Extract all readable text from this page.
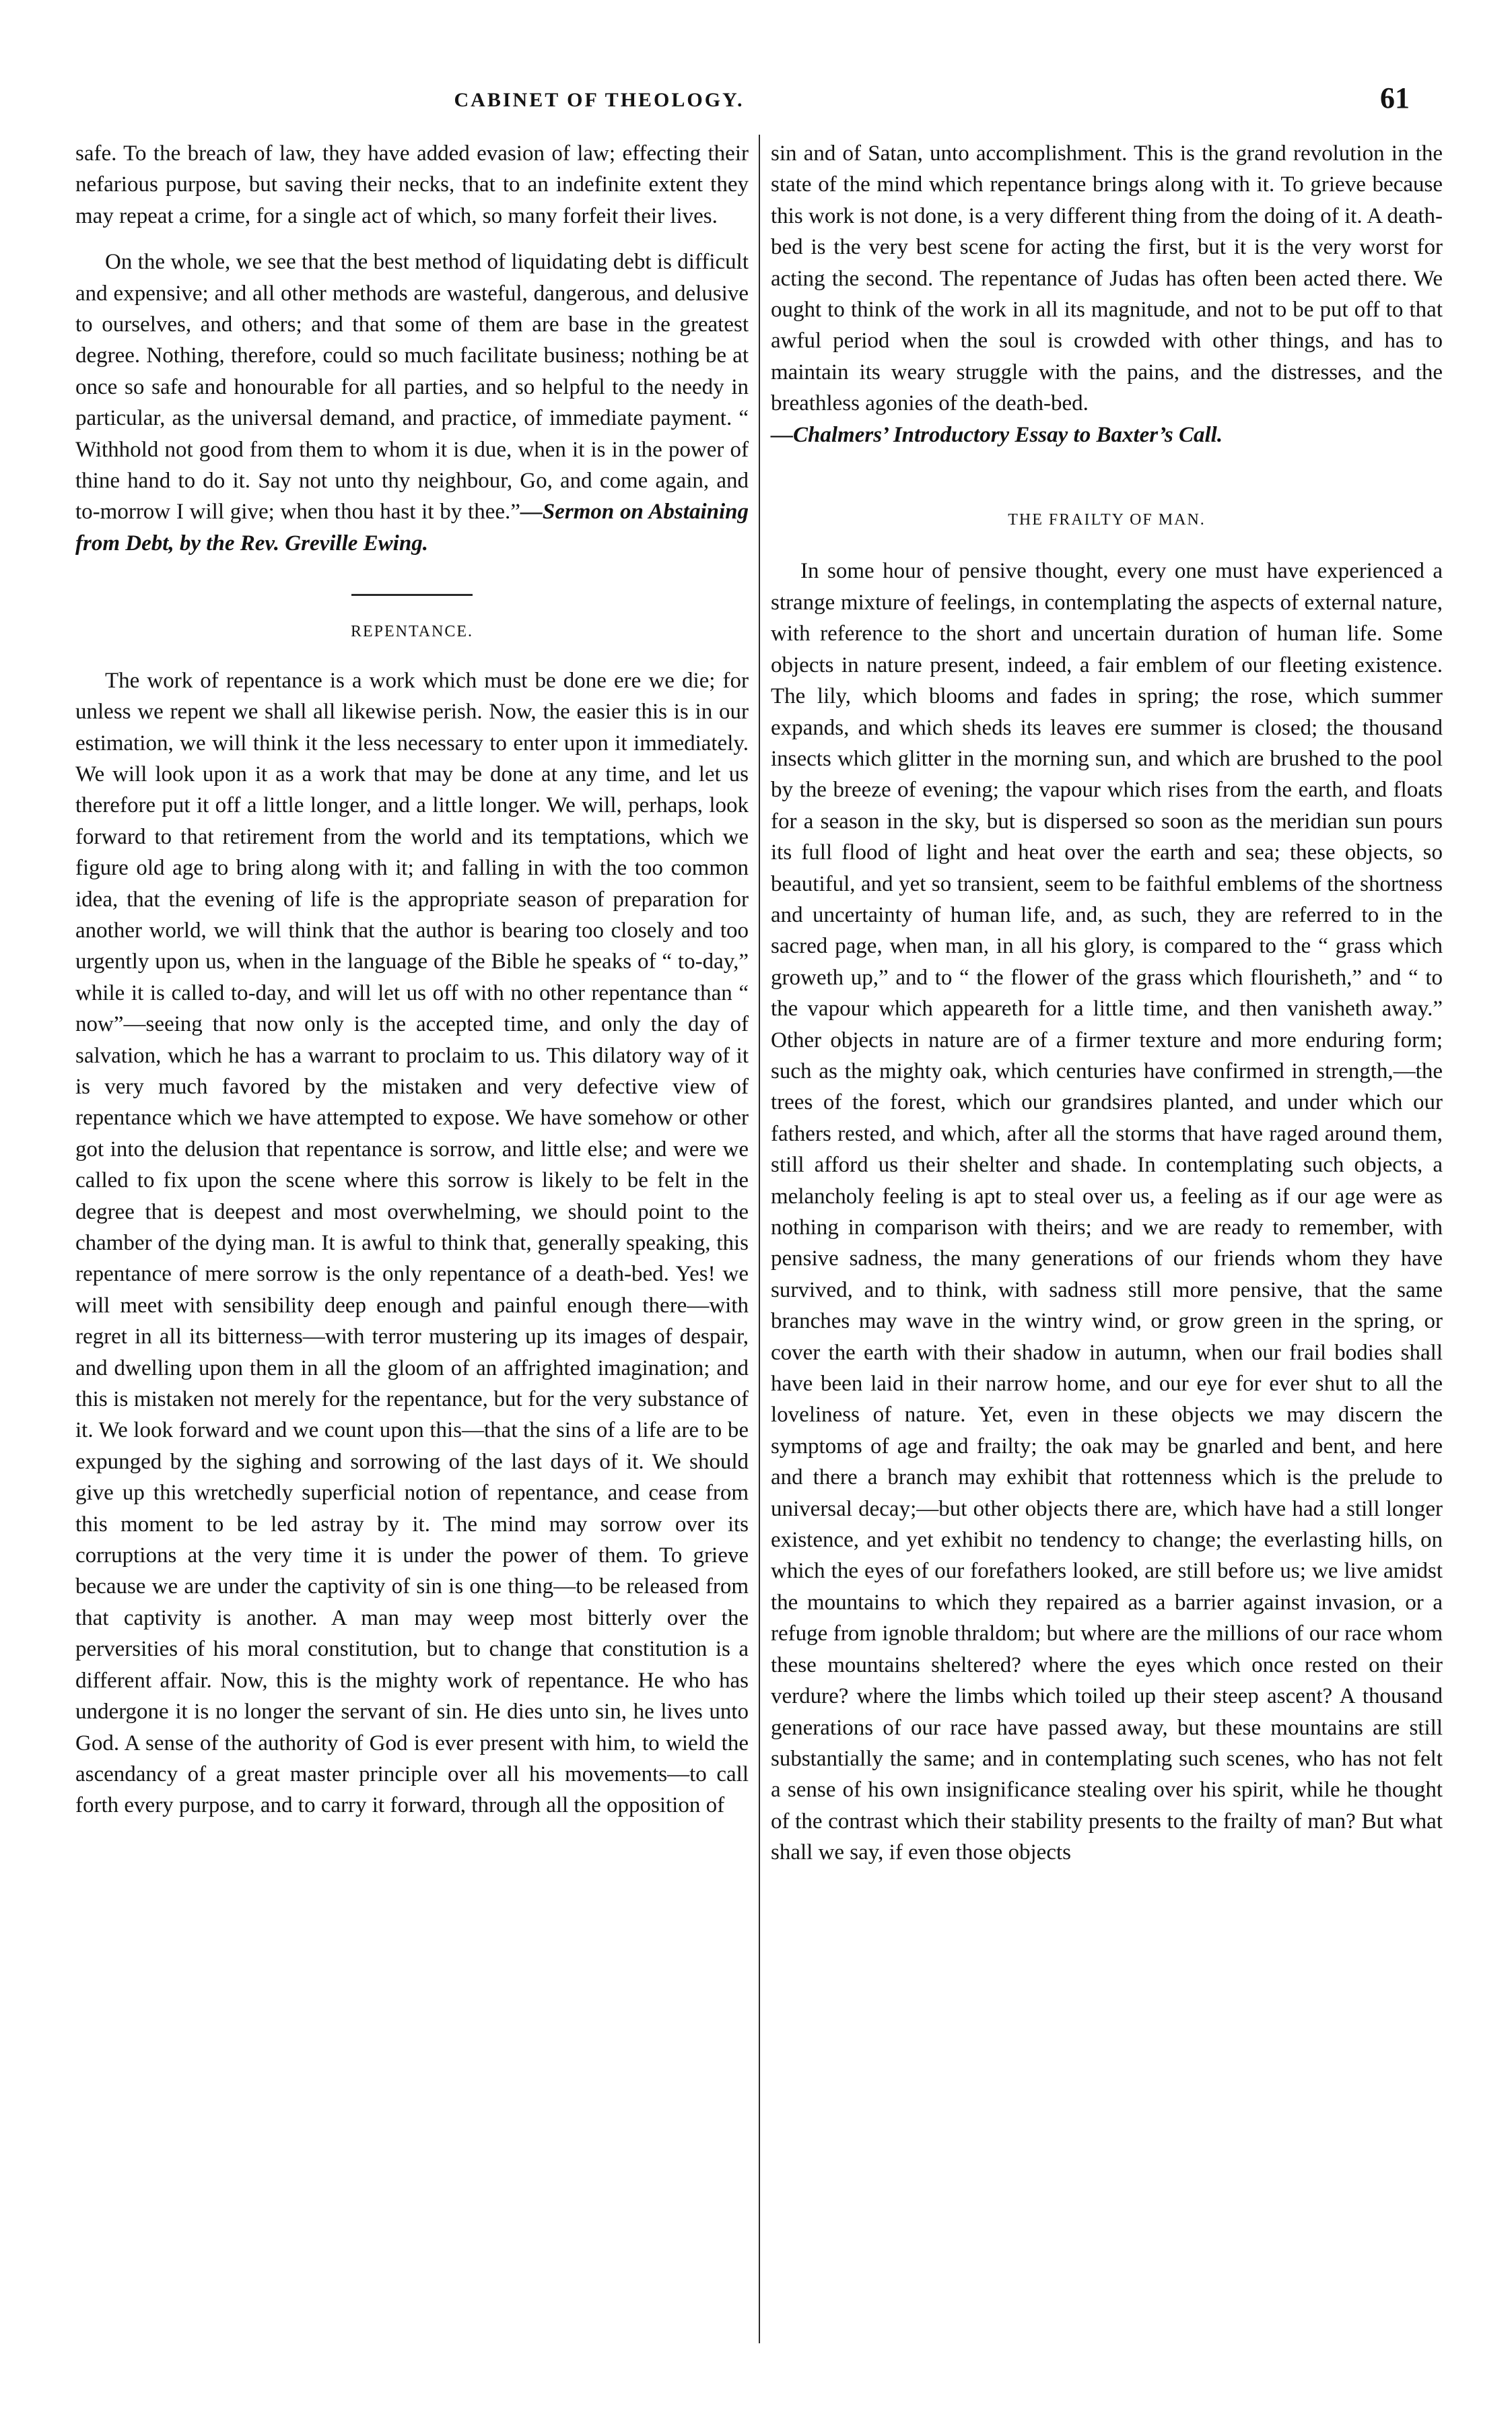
CABINET OF THEOLOGY.	61

safe. To the breach of law, they have added evasion of law; effecting their nefarious purpose, but saving their necks, that to an indefinite extent they may repeat a crime, for a single act of which, so many forfeit their lives.

On the whole, we see that the best method of liquidating debt is difficult and expensive; and all other methods are wasteful, dangerous, and delusive to ourselves, and others; and that some of them are base in the greatest degree. Nothing, therefore, could so much facilitate business; nothing be at once so safe and honourable for all parties, and so helpful to the needy in particular, as the universal demand, and practice, of immediate payment. “ Withhold not good from them to whom it is due, when it is in the power of thine hand to do it. Say not unto thy neighbour, Go, and come again, and to-morrow I will give; when thou hast it by thee.”—Sermon on Abstaining from Debt, by the Rev. Greville Ewing.

REPENTANCE.

The work of repentance is a work which must be done ere we die; for unless we repent we shall all likewise perish. Now, the easier this is in our estimation, we will think it the less necessary to enter upon it immediately. We will look upon it as a work that may be done at any time, and let us therefore put it off a little longer, and a little longer. We will, perhaps, look forward to that retirement from the world and its temptations, which we figure old age to bring along with it; and falling in with the too common idea, that the evening of life is the appropriate season of preparation for another world, we will think that the author is bearing too closely and too urgently upon us, when in the language of the Bible he speaks of “ to-day,” while it is called to-day, and will let us off with no other repentance than “ now”—seeing that now only is the accepted time, and only the day of salvation, which he has a warrant to proclaim to us. This dilatory way of it is very much favored by the mistaken and very defective view of repentance which we have attempted to expose. We have somehow or other got into the delusion that repentance is sorrow, and little else; and were we called to fix upon the scene where this sorrow is likely to be felt in the degree that is deepest and most overwhelming, we should point to the chamber of the dying man. It is awful to think that, generally speaking, this repentance of mere sorrow is the only repentance of a death-bed. Yes! we will meet with sensibility deep enough and painful enough there—with regret in all its bitterness—with terror mustering up its images of despair, and dwelling upon them in all the gloom of an affrighted imagination; and this is mistaken not merely for the repentance, but for the very substance of it. We look forward and we count upon this—that the sins of a life are to be expunged by the sighing and sorrowing of the last days of it. We should give up this wretchedly superficial notion of repentance, and cease from this moment to be led astray by it. The mind may sorrow over its corruptions at the very time it is under the power of them. To grieve because we are under the captivity of sin is one thing—to be released from that captivity is another. A man may weep most bitterly over the perversities of his moral constitution, but to change that constitution is a different affair. Now, this is the mighty work of repentance. He who has undergone it is no longer the servant of sin. He dies unto sin, he lives unto God. A sense of the authority of God is ever present with him, to wield the ascendancy of a great master principle over all his movements—to call forth every purpose, and to carry it forward, through all the opposition of

sin and of Satan, unto accomplishment. This is the grand revolution in the state of the mind which repentance brings along with it. To grieve because this work is not done, is a very different thing from the doing of it. A death-bed is the very best scene for acting the first, but it is the very worst for acting the second. The repentance of Judas has often been acted there. We ought to think of the work in all its magnitude, and not to be put off to that awful period when the soul is crowded with other things, and has to maintain its weary struggle with the pains, and the distresses, and the breathless agonies of the death-bed.
—Chalmers’ Introductory Essay to Baxter’s Call.

THE FRAILTY OF MAN.

In some hour of pensive thought, every one must have experienced a strange mixture of feelings, in contemplating the aspects of external nature, with reference to the short and uncertain duration of human life. Some objects in nature present, indeed, a fair emblem of our fleeting existence. The lily, which blooms and fades in spring; the rose, which summer expands, and which sheds its leaves ere summer is closed; the thousand insects which glitter in the morning sun, and which are brushed to the pool by the breeze of evening; the vapour which rises from the earth, and floats for a season in the sky, but is dispersed so soon as the meridian sun pours its full flood of light and heat over the earth and sea; these objects, so beautiful, and yet so transient, seem to be faithful emblems of the shortness and uncertainty of human life, and, as such, they are referred to in the sacred page, when man, in all his glory, is compared to the “ grass which groweth up,” and to “ the flower of the grass which flourisheth,” and “ to the vapour which appeareth for a little time, and then vanisheth away.” Other objects in nature are of a firmer texture and more enduring form; such as the mighty oak, which centuries have confirmed in strength,—the trees of the forest, which our grandsires planted, and under which our fathers rested, and which, after all the storms that have raged around them, still afford us their shelter and shade. In contemplating such objects, a melancholy feeling is apt to steal over us, a feeling as if our age were as nothing in comparison with theirs; and we are ready to remember, with pensive sadness, the many generations of our friends whom they have survived, and to think, with sadness still more pensive, that the same branches may wave in the wintry wind, or grow green in the spring, or cover the earth with their shadow in autumn, when our frail bodies shall have been laid in their narrow home, and our eye for ever shut to all the loveliness of nature. Yet, even in these objects we may discern the symptoms of age and frailty; the oak may be gnarled and bent, and here and there a branch may exhibit that rottenness which is the prelude to universal decay;—but other objects there are, which have had a still longer existence, and yet exhibit no tendency to change; the everlasting hills, on which the eyes of our forefathers looked, are still before us; we live amidst the mountains to which they repaired as a barrier against invasion, or a refuge from ignoble thraldom; but where are the millions of our race whom these mountains sheltered? where the eyes which once rested on their verdure? where the limbs which toiled up their steep ascent? A thousand generations of our race have passed away, but these mountains are still substantially the same; and in contemplating such scenes, who has not felt a sense of his own insignificance stealing over his spirit, while he thought of the contrast which their stability presents to the frailty of man? But what shall we say, if even those objects
